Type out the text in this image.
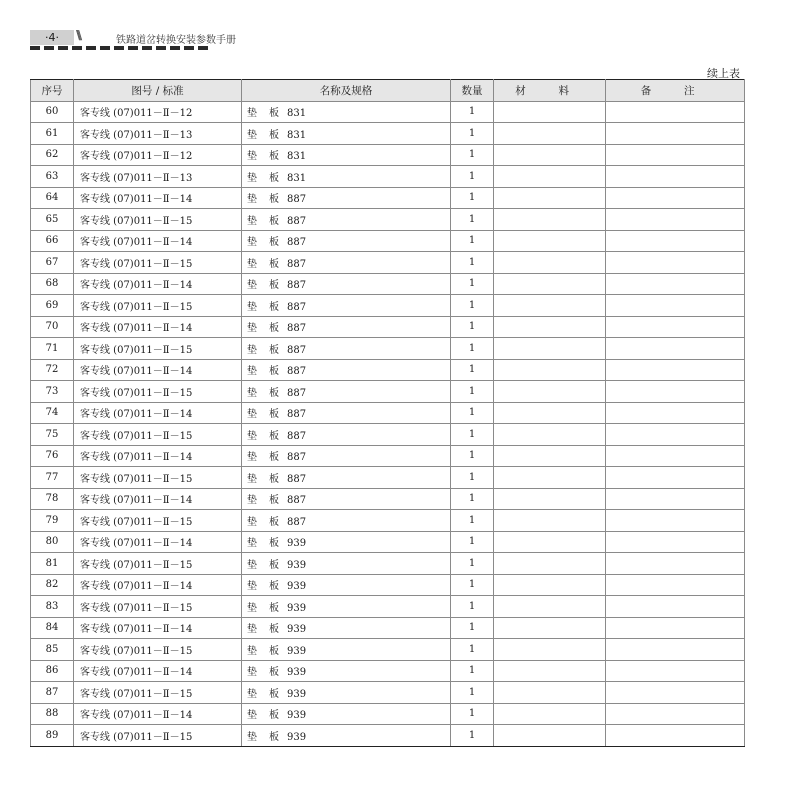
·4·	\\\	铁路道岔转换安装参数手册
续上表
序号	图号 / 标准	名称及规格	数量	材 料	备 注
60	客专线 (07)011－Ⅱ－12	垫 板 831	1		
61	客专线 (07)011－Ⅱ－13	垫 板 831	1		
62	客专线 (07)011－Ⅱ－12	垫 板 831	1		
63	客专线 (07)011－Ⅱ－13	垫 板 831	1		
64	客专线 (07)011－Ⅱ－14	垫 板 887	1		
65	客专线 (07)011－Ⅱ－15	垫 板 887	1		
66	客专线 (07)011－Ⅱ－14	垫 板 887	1		
67	客专线 (07)011－Ⅱ－15	垫 板 887	1		
68	客专线 (07)011－Ⅱ－14	垫 板 887	1		
69	客专线 (07)011－Ⅱ－15	垫 板 887	1		
70	客专线 (07)011－Ⅱ－14	垫 板 887	1		
71	客专线 (07)011－Ⅱ－15	垫 板 887	1		
72	客专线 (07)011－Ⅱ－14	垫 板 887	1		
73	客专线 (07)011－Ⅱ－15	垫 板 887	1		
74	客专线 (07)011－Ⅱ－14	垫 板 887	1		
75	客专线 (07)011－Ⅱ－15	垫 板 887	1		
76	客专线 (07)011－Ⅱ－14	垫 板 887	1		
77	客专线 (07)011－Ⅱ－15	垫 板 887	1		
78	客专线 (07)011－Ⅱ－14	垫 板 887	1		
79	客专线 (07)011－Ⅱ－15	垫 板 887	1		
80	客专线 (07)011－Ⅱ－14	垫 板 939	1		
81	客专线 (07)011－Ⅱ－15	垫 板 939	1		
82	客专线 (07)011－Ⅱ－14	垫 板 939	1		
83	客专线 (07)011－Ⅱ－15	垫 板 939	1		
84	客专线 (07)011－Ⅱ－14	垫 板 939	1		
85	客专线 (07)011－Ⅱ－15	垫 板 939	1		
86	客专线 (07)011－Ⅱ－14	垫 板 939	1		
87	客专线 (07)011－Ⅱ－15	垫 板 939	1		
88	客专线 (07)011－Ⅱ－14	垫 板 939	1		
89	客专线 (07)011－Ⅱ－15	垫 板 939	1		
